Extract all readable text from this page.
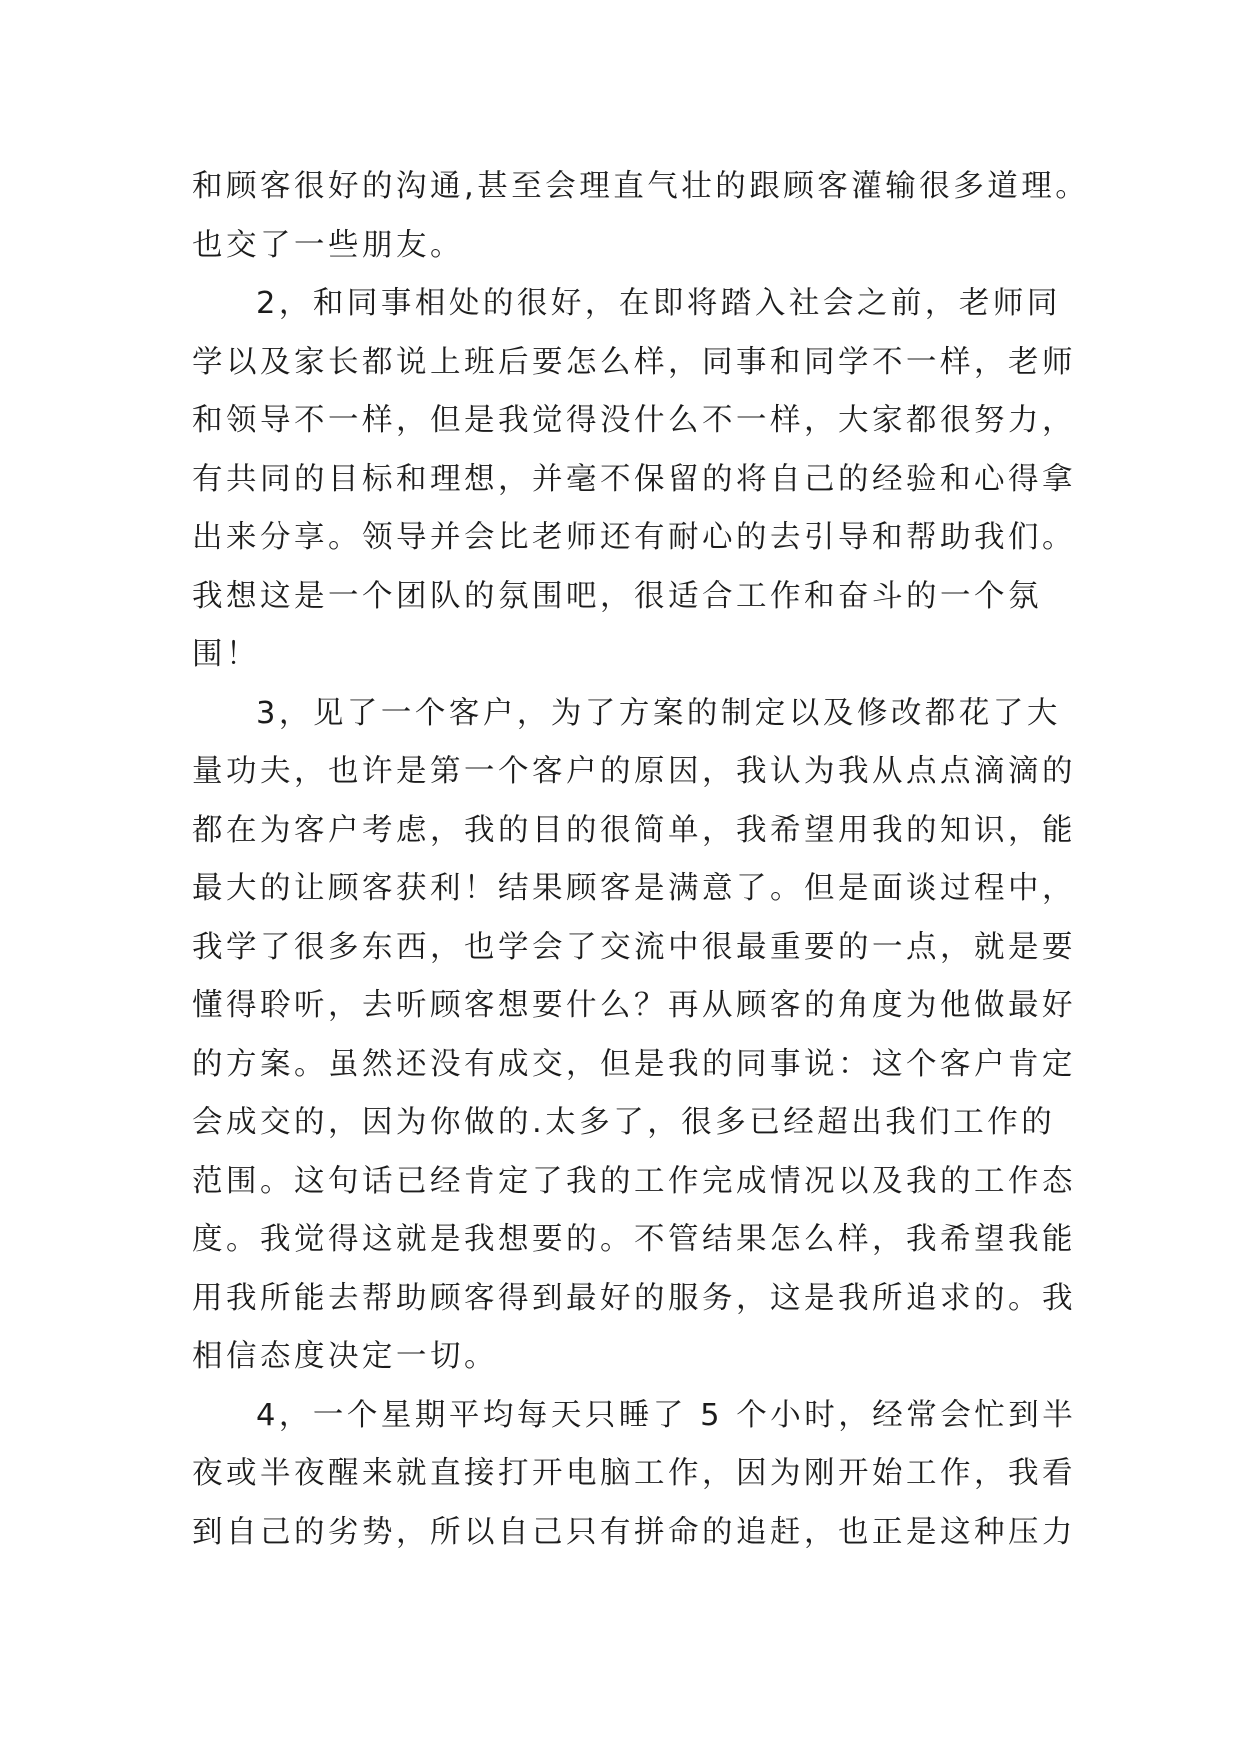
和顾客很好的沟通,甚至会理直气壮的跟顾客灌输很多道理。
也交了一些朋友。
2，和同事相处的很好，在即将踏入社会之前，老师同
学以及家长都说上班后要怎么样，同事和同学不一样，老师
和领导不一样，但是我觉得没什么不一样，大家都很努力，
有共同的目标和理想，并毫不保留的将自己的经验和心得拿
出来分享。领导并会比老师还有耐心的去引导和帮助我们。
我想这是一个团队的氛围吧，很适合工作和奋斗的一个氛
围！
3，见了一个客户，为了方案的制定以及修改都花了大
量功夫，也许是第一个客户的原因，我认为我从点点滴滴的
都在为客户考虑，我的目的很简单，我希望用我的知识，能
最大的让顾客获利！结果顾客是满意了。但是面谈过程中，
我学了很多东西，也学会了交流中很最重要的一点，就是要
懂得聆听，去听顾客想要什么？再从顾客的角度为他做最好
的方案。虽然还没有成交，但是我的同事说：这个客户肯定
会成交的，因为你做的.太多了，很多已经超出我们工作的
范围。这句话已经肯定了我的工作完成情况以及我的工作态
度。我觉得这就是我想要的。不管结果怎么样，我希望我能
用我所能去帮助顾客得到最好的服务，这是我所追求的。我
相信态度决定一切。
4，一个星期平均每天只睡了 5 个小时，经常会忙到半
夜或半夜醒来就直接打开电脑工作，因为刚开始工作，我看
到自己的劣势，所以自己只有拼命的追赶，也正是这种压力
